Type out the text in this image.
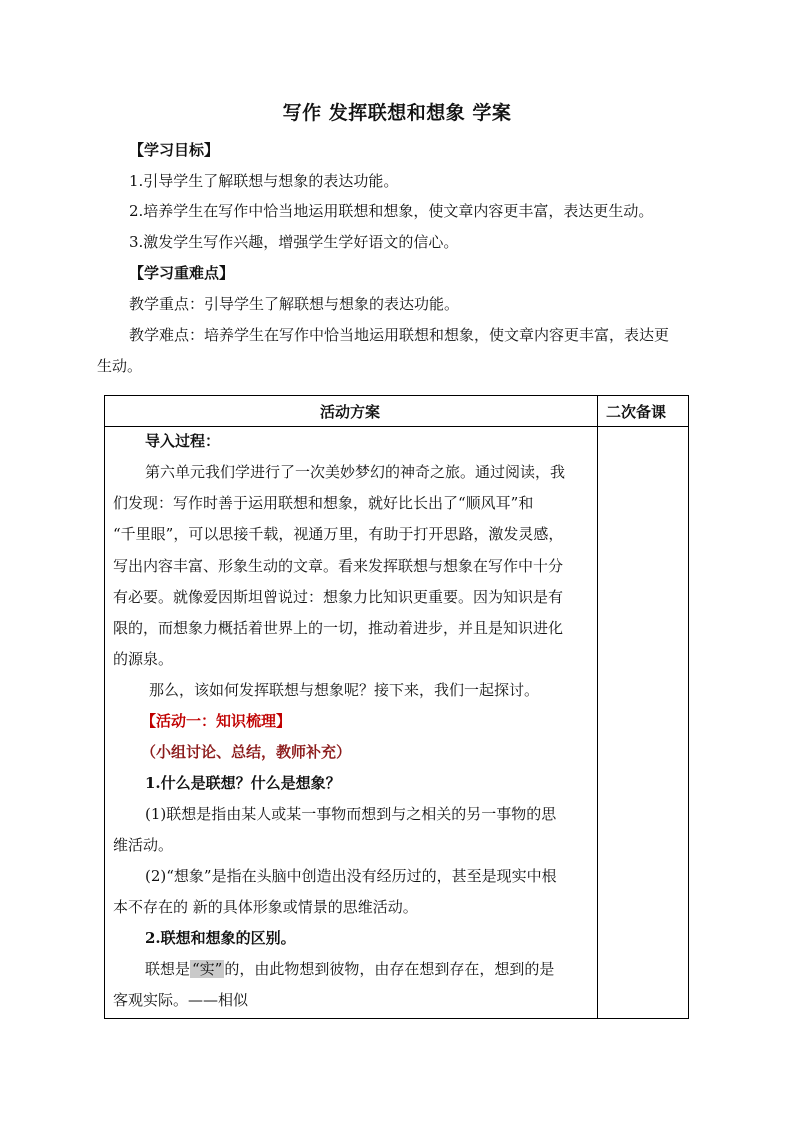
写作 发挥联想和想象 学案
【学习目标】
1.引导学生了解联想与想象的表达功能。
2.培养学生在写作中恰当地运用联想和想象，使文章内容更丰富，表达更生动。
3.激发学生写作兴趣，增强学生学好语文的信心。
【学习重难点】
教学重点：引导学生了解联想与想象的表达功能。
教学难点：培养学生在写作中恰当地运用联想和想象，使文章内容更丰富，表达更
生动。
活动方案	二次备课
导入过程：
第六单元我们学进行了一次美妙梦幻的神奇之旅。通过阅读，我
们发现：写作时善于运用联想和想象，就好比长出了“顺风耳”和
“千里眼”，可以思接千载，视通万里，有助于打开思路，激发灵感，
写出内容丰富、形象生动的文章。看来发挥联想与想象在写作中十分
有必要。就像爱因斯坦曾说过：想象力比知识更重要。因为知识是有
限的，而想象力概括着世界上的一切，推动着进步，并且是知识进化
的源泉。
那么，该如何发挥联想与想象呢？接下来，我们一起探讨。
【活动一：知识梳理】
（小组讨论、总结，教师补充）
1.什么是联想？什么是想象？
(1)联想是指由某人或某一事物而想到与之相关的另一事物的思
维活动。
(2)“想象”是指在头脑中创造出没有经历过的，甚至是现实中根
本不存在的 新的具体形象或情景的思维活动。
2.联想和想象的区别。
联想是 “实” 的，由此物想到彼物，由存在想到存在，想到的是
客观实际。——相似
